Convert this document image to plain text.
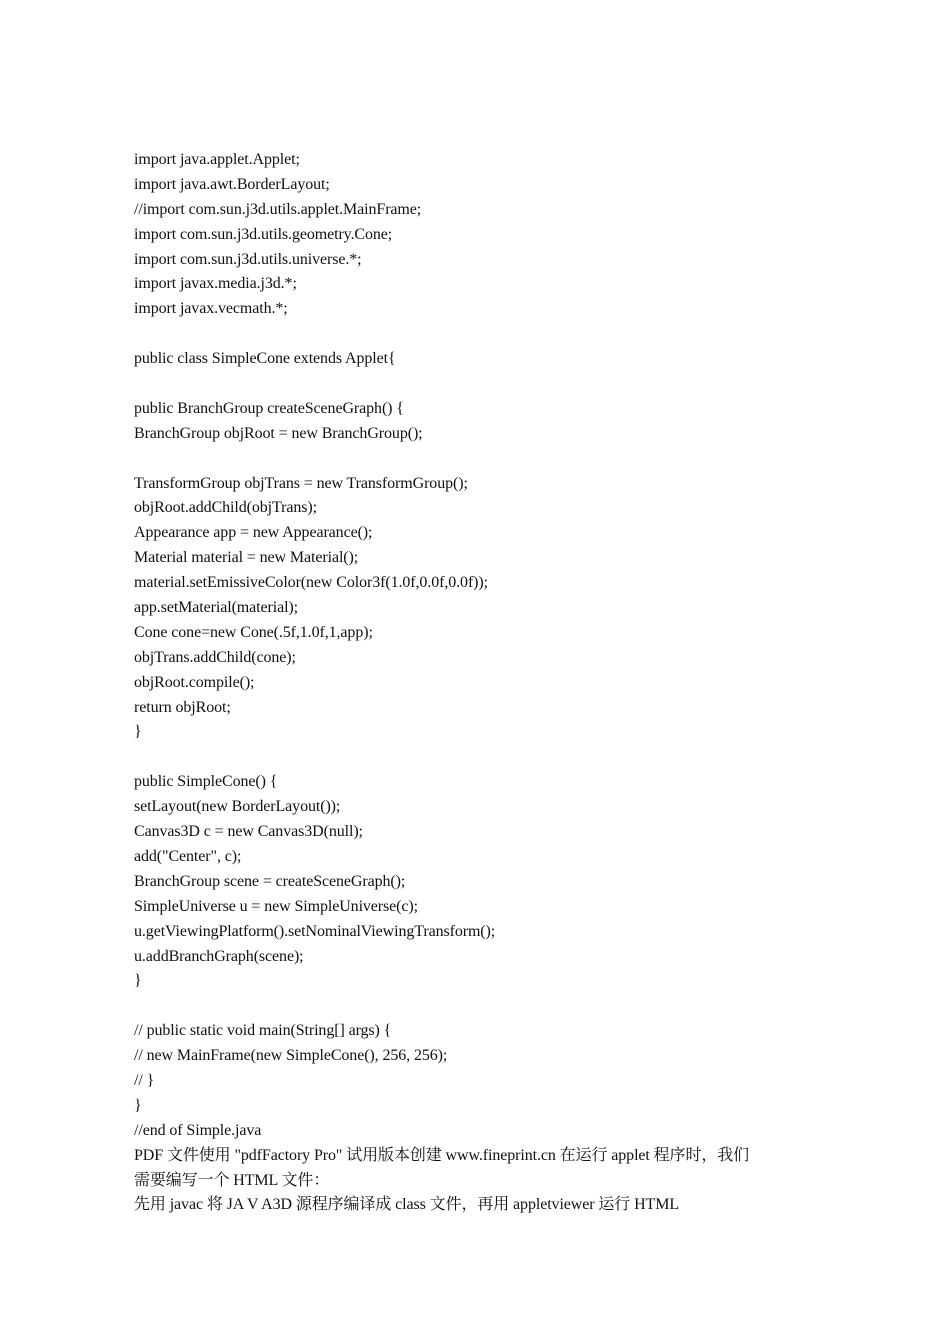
import java.applet.Applet;
import java.awt.BorderLayout;
//import com.sun.j3d.utils.applet.MainFrame;
import com.sun.j3d.utils.geometry.Cone;
import com.sun.j3d.utils.universe.*;
import javax.media.j3d.*;
import javax.vecmath.*;
public class SimpleCone extends Applet{
public BranchGroup createSceneGraph() {
BranchGroup objRoot = new BranchGroup();
TransformGroup objTrans = new TransformGroup();
objRoot.addChild(objTrans);
Appearance app = new Appearance();
Material material = new Material();
material.setEmissiveColor(new Color3f(1.0f,0.0f,0.0f));
app.setMaterial(material);
Cone cone=new Cone(.5f,1.0f,1,app);
objTrans.addChild(cone);
objRoot.compile();
return objRoot;
}
public SimpleCone() {
setLayout(new BorderLayout());
Canvas3D c = new Canvas3D(null);
add("Center", c);
BranchGroup scene = createSceneGraph();
SimpleUniverse u = new SimpleUniverse(c);
u.getViewingPlatform().setNominalViewingTransform();
u.addBranchGraph(scene);
}
// public static void main(String[] args) {
// new MainFrame(new SimpleCone(), 256, 256);
// }
}
//end of Simple.java
PDF 文件使用 "pdfFactory Pro" 试用版本创建 www.fineprint.cn 在运行 applet 程序时，我们
需要编写一个 HTML 文件：
先用 javac 将 JA V A3D 源程序编译成 class 文件，再用 appletviewer 运行 HTML
